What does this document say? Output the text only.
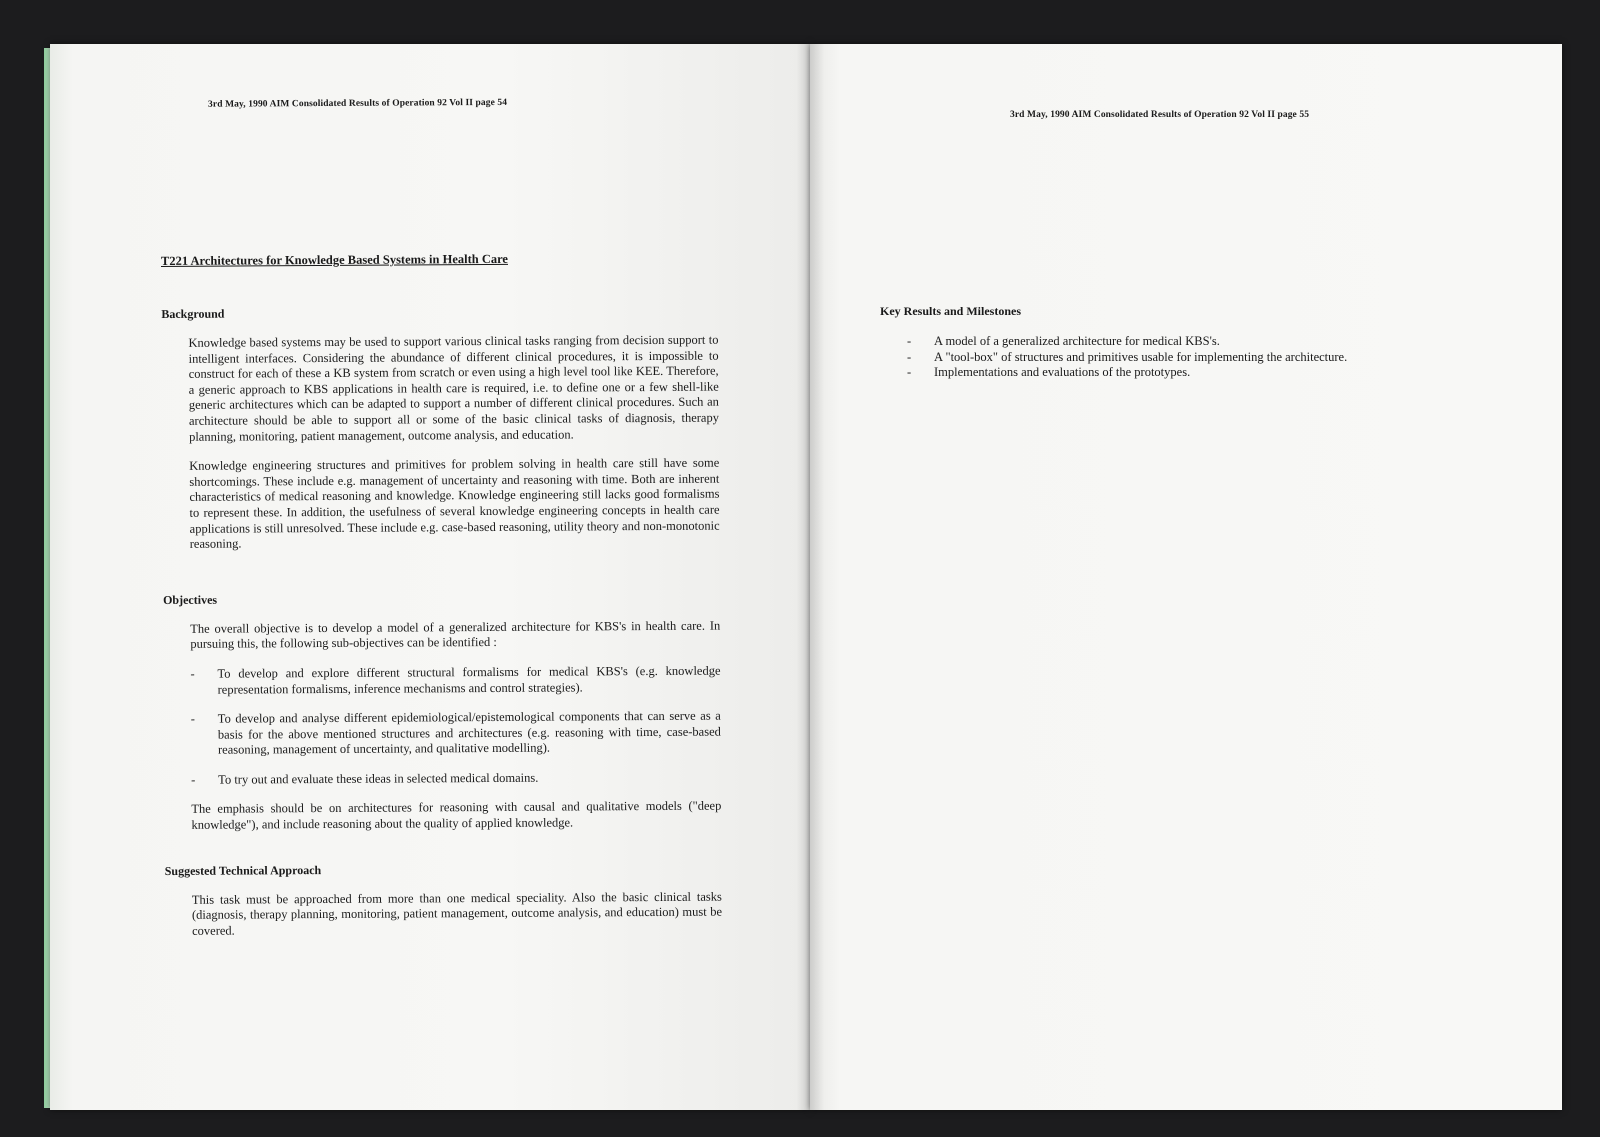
3rd May, 1990 AIM Consolidated Results of Operation 92 Vol II page 54
T221 Architectures for Knowledge Based Systems in Health Care
Background

Knowledge based systems may be used to support various clinical tasks ranging from decision support to intelligent interfaces. Considering the abundance of different clinical procedures, it is impossible to construct for each of these a KB system from scratch or even using a high level tool like KEE. Therefore, a generic approach to KBS applications in health care is required, i.e. to define one or a few shell-like generic architectures which can be adapted to support a number of different clinical procedures. Such an architecture should be able to support all or some of the basic clinical tasks of diagnosis, therapy planning, monitoring, patient management, outcome analysis, and education.

Knowledge engineering structures and primitives for problem solving in health care still have some shortcomings. These include e.g. management of uncertainty and reasoning with time. Both are inherent characteristics of medical reasoning and knowledge. Knowledge engineering still lacks good formalisms to represent these. In addition, the usefulness of several knowledge engineering concepts in health care applications is still unresolved. These include e.g. case-based reasoning, utility theory and non-monotonic reasoning.

Objectives

The overall objective is to develop a model of a generalized architecture for KBS's in health care. In pursuing this, the following sub-objectives can be identified :

- To develop and explore different structural formalisms for medical KBS's (e.g. knowledge representation formalisms, inference mechanisms and control strategies).
- To develop and analyse different epidemiological/epistemological components that can serve as a basis for the above mentioned structures and architectures (e.g. reasoning with time, case-based reasoning, management of uncertainty, and qualitative modelling).
- To try out and evaluate these ideas in selected medical domains.

The emphasis should be on architectures for reasoning with causal and qualitative models ("deep knowledge"), and include reasoning about the quality of applied knowledge.

Suggested Technical Approach

This task must be approached from more than one medical speciality. Also the basic clinical tasks (diagnosis, therapy planning, monitoring, patient management, outcome analysis, and education) must be covered.

3rd May, 1990 AIM Consolidated Results of Operation 92 Vol II page 55
Key Results and Milestones
- A model of a generalized architecture for medical KBS's.
- A "tool-box" of structures and primitives usable for implementing the architecture.
- Implementations and evaluations of the prototypes.
